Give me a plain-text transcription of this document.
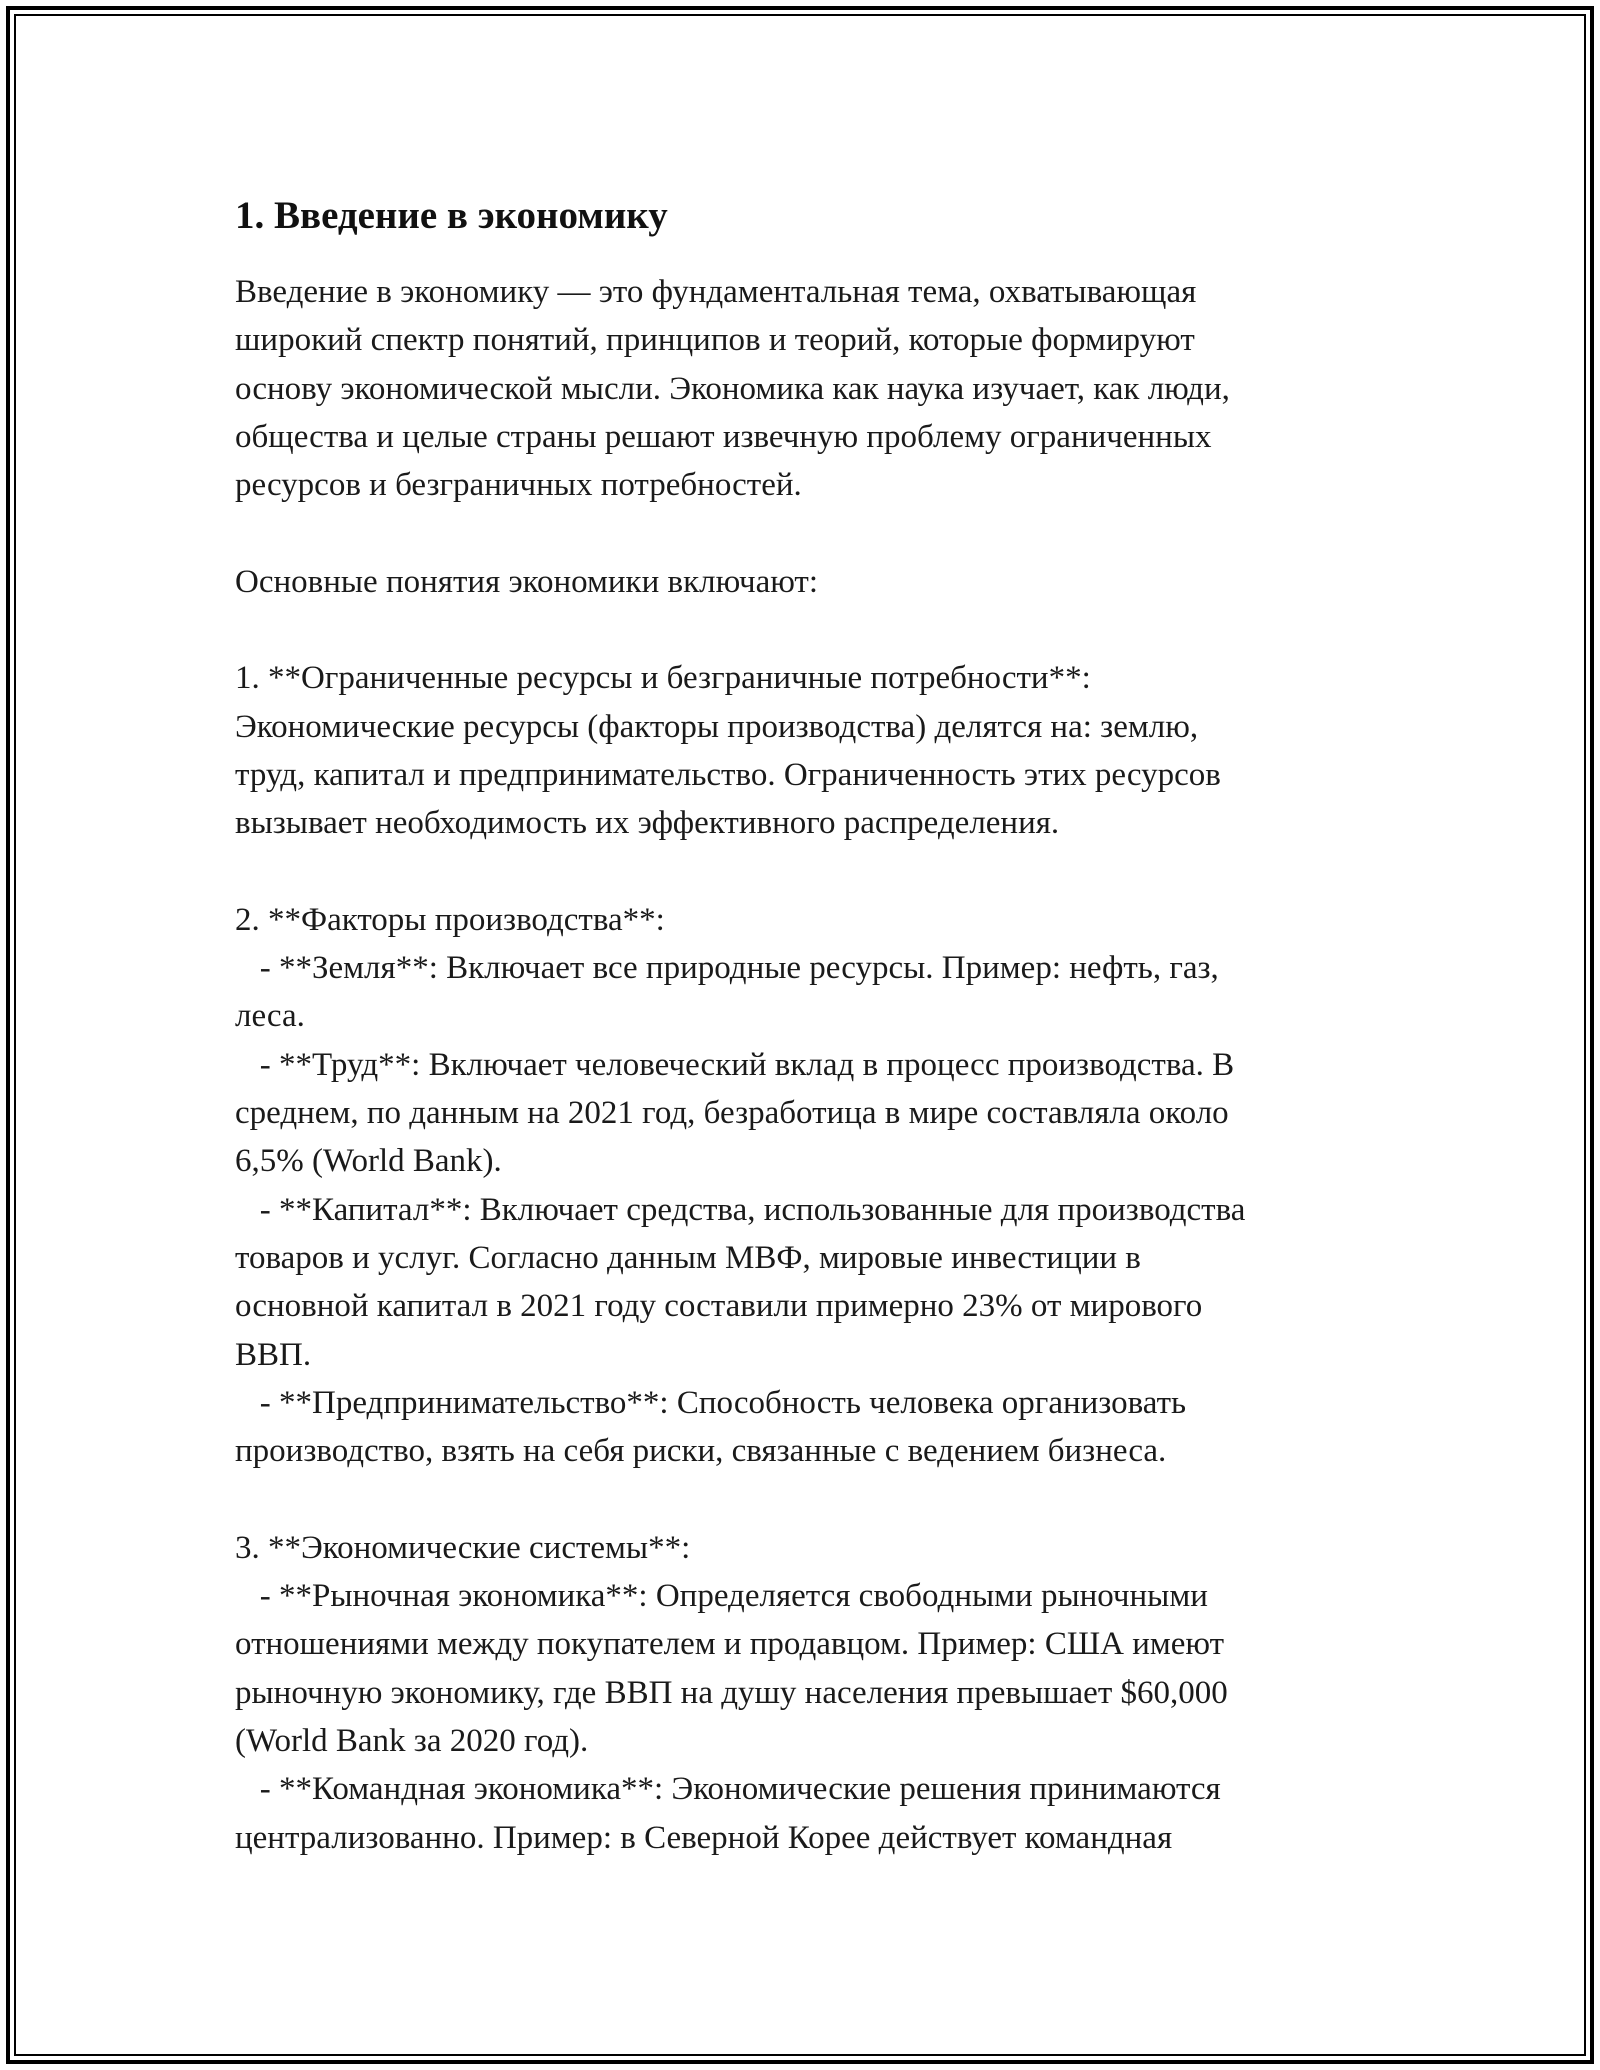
1. Введение в экономику

Введение в экономику — это фундаментальная тема, охватывающая
широкий спектр понятий, принципов и теорий, которые формируют
основу экономической мысли. Экономика как наука изучает, как люди,
общества и целые страны решают извечную проблему ограниченных
ресурсов и безграничных потребностей.

Основные понятия экономики включают:

1. **Ограниченные ресурсы и безграничные потребности**:
Экономические ресурсы (факторы производства) делятся на: землю,
труд, капитал и предпринимательство. Ограниченность этих ресурсов
вызывает необходимость их эффективного распределения.

2. **Факторы производства**:

- **Земля**: Включает все природные ресурсы. Пример: нефть, газ,
леса.

- **Труд**: Включает человеческий вклад в процесс производства. В
среднем, по данным на 2021 год, безработица в мире составляла около
6,5% (World Bank).

- **Капитал**: Включает средства, использованные для производства
товаров и услуг. Согласно данным МВФ, мировые инвестиции в
основной капитал в 2021 году составили примерно 23% от мирового
ВВП.

- **Предпринимательство**: Способность человека организовать
производство, взять на себя риски, связанные с ведением бизнеса.

3. **Экономические системы**:

- **Рыночная экономика**: Определяется свободными рыночными
отношениями между покупателем и продавцом. Пример: США имеют
рыночную экономику, где ВВП на душу населения превышает $60,000
(World Bank за 2020 год).

- **Командная экономика**: Экономические решения принимаются
централизованно. Пример: в Северной Корее действует командная
